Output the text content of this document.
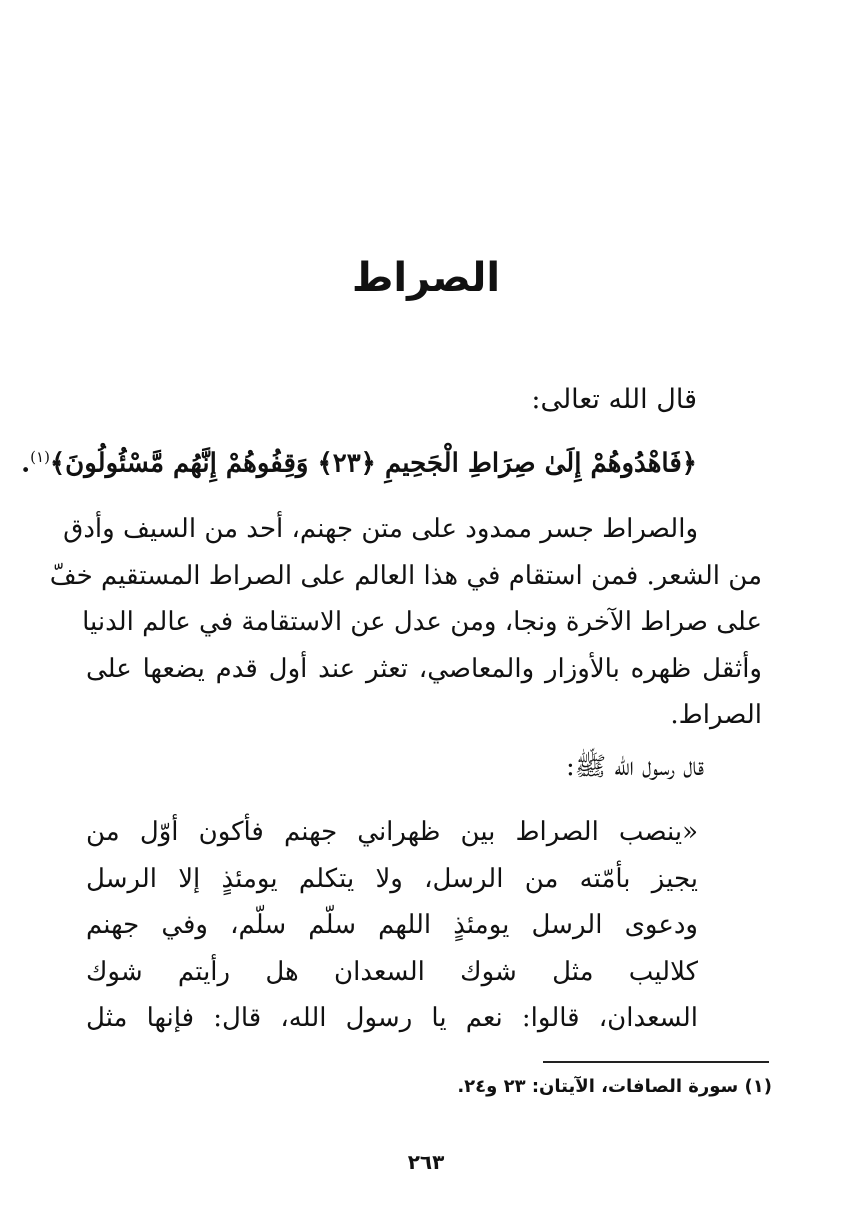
الصراط
قال الله تعالى:
﴿فَاهْدُوهُمْ إِلَىٰ صِرَاطِ الْجَحِيمِ ﴿٢٣﴾ وَقِفُوهُمْ إِنَّهُم مَّسْئُولُونَ﴾$^{(١)}$.
والصراط جسر ممدود على متن جهنم، أحد من السيف وأدق
من الشعر. فمن استقام في هذا العالم على الصراط المستقيم خفّ
على صراط الآخرة ونجا، ومن عدل عن الاستقامة في عالم الدنيا
وأثقل ظهره بالأوزار والمعاصي، تعثر عند أول قدم يضعها على
الصراط.
قال رسول الله ﷺ:
«ينصب الصراط بين ظهراني جهنم فأكون أوّل من
يجيز بأمّته من الرسل، ولا يتكلم يومئذٍ إلا الرسل
ودعوى الرسل يومئذٍ اللهم سلّم سلّم، وفي جهنم
كلاليب مثل شوك السعدان هل رأيتم شوك
السعدان، قالوا: نعم يا رسول الله، قال: فإنها مثل
(١) سورة الصافات، الآيتان: ٢٣ و٢٤.
٢٦٣
